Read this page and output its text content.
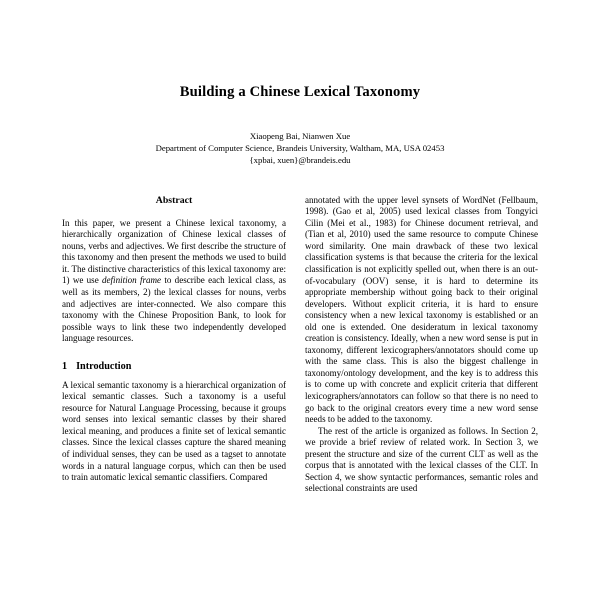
Building a Chinese Lexical Taxonomy
Xiaopeng Bai, Nianwen Xue
Department of Computer Science, Brandeis University, Waltham, MA, USA 02453
{xpbai, xuen}@brandeis.edu
Abstract

In this paper, we present a Chinese lexical taxonomy, a hierarchically organization of Chinese lexical classes of nouns, verbs and adjectives. We first describe the structure of this taxonomy and then present the methods we used to build it. The distinctive characteristics of this lexical taxonomy are: 1) we use definition frame to describe each lexical class, as well as its members, 2) the lexical classes for nouns, verbs and adjectives are inter-connected. We also compare this taxonomy with the Chinese Proposition Bank, to look for possible ways to link these two independently developed language resources.

1 Introduction

A lexical semantic taxonomy is a hierarchical organization of lexical semantic classes. Such a taxonomy is a useful resource for Natural Language Processing, because it groups word senses into lexical semantic classes by their shared lexical meaning, and produces a finite set of lexical semantic classes. Since the lexical classes capture the shared meaning of individual senses, they can be used as a tagset to annotate words in a natural language corpus, which can then be used to train automatic lexical semantic classifiers. Compared

annotated with the upper level synsets of WordNet (Fellbaum, 1998). (Gao et al, 2005) used lexical classes from Tongyici Cilin (Mei et al., 1983) for Chinese document retrieval, and (Tian et al, 2010) used the same resource to compute Chinese word similarity. One main drawback of these two lexical classification systems is that because the criteria for the lexical classification is not explicitly spelled out, when there is an out-of-vocabulary (OOV) sense, it is hard to determine its appropriate membership without going back to their original developers. Without explicit criteria, it is hard to ensure consistency when a new lexical taxonomy is established or an old one is extended. One desideratum in lexical taxonomy creation is consistency. Ideally, when a new word sense is put in taxonomy, different lexicographers/annotators should come up with the same class. This is also the biggest challenge in taxonomy/ontology development, and the key is to address this is to come up with concrete and explicit criteria that different lexicographers/annotators can follow so that there is no need to go back to the original creators every time a new word sense needs to be added to the taxonomy.

The rest of the article is organized as follows. In Section 2, we provide a brief review of related work. In Section 3, we present the structure and size of the current CLT as well as the corpus that is annotated with the lexical classes of the CLT. In Section 4, we show syntactic performances, semantic roles and selectional constraints are used
